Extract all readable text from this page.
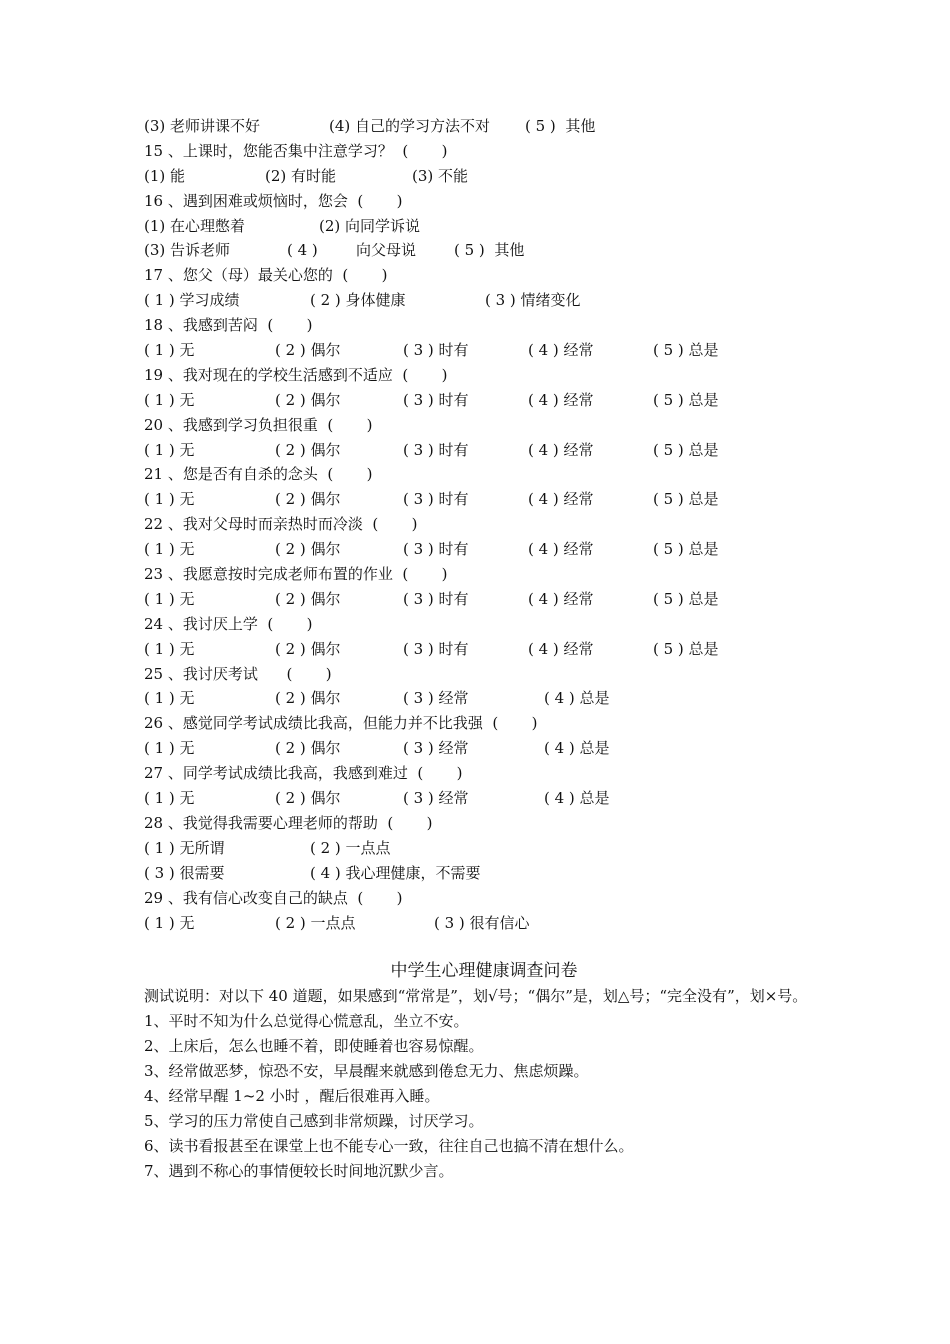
(3) 老师讲课不好

	(4) 自己的学习方法不对

( 5 )  其他

15 、上课时，您能否集中注意学习？  (       )

(1) 能

	(2) 有时能

	(3) 不能

16 、遇到困难或烦恼时，您会  (       )

(1) 在心理憋着

	(2) 向同学诉说

(3) 告诉老师

	( 4 )

	向父母说

	( 5 )  其他

17 、您父（母）最关心您的  (       )

( 1 ) 学习成绩

	( 2 ) 身体健康

	( 3 ) 情绪变化

18 、我感到苦闷  (       )

( 1 ) 无

	( 2 ) 偶尔

	( 3 ) 时有

	( 4 ) 经常

	( 5 ) 总是

19 、我对现在的学校生活感到不适应  (       )

( 1 ) 无

	( 2 ) 偶尔

	( 3 ) 时有

	( 4 ) 经常

	( 5 ) 总是

20 、我感到学习负担很重  (       )

( 1 ) 无

	( 2 ) 偶尔

	( 3 ) 时有

	( 4 ) 经常

	( 5 ) 总是

21 、您是否有自杀的念头  (       )

( 1 ) 无

	( 2 ) 偶尔

	( 3 ) 时有

	( 4 ) 经常

	( 5 ) 总是

22 、我对父母时而亲热时而冷淡  (       )

( 1 ) 无

	( 2 ) 偶尔

	( 3 ) 时有

	( 4 ) 经常

	( 5 ) 总是

23 、我愿意按时完成老师布置的作业  (       )

( 1 ) 无

	( 2 ) 偶尔

	( 3 ) 时有

	( 4 ) 经常

	( 5 ) 总是

24 、我讨厌上学  (       )

( 1 ) 无

	( 2 ) 偶尔

	( 3 ) 时有

	( 4 ) 经常

	( 5 ) 总是

25 、我讨厌考试      (       )

( 1 ) 无

	( 2 ) 偶尔

	( 3 ) 经常

	( 4 ) 总是

26 、感觉同学考试成绩比我高，但能力并不比我强  (       )

( 1 ) 无

	( 2 ) 偶尔

	( 3 ) 经常

	( 4 ) 总是

27 、同学考试成绩比我高，我感到难过  (       )

( 1 ) 无

	( 2 ) 偶尔

	( 3 ) 经常

	( 4 ) 总是

28 、我觉得我需要心理老师的帮助  (       )

( 1 ) 无所谓

	( 2 ) 一点点

( 3 ) 很需要

	( 4 ) 我心理健康，不需要

29 、我有信心改变自己的缺点  (       )

( 1 ) 无

	( 2 ) 一点点

	( 3 ) 很有信心

中学生心理健康调查问卷
测试说明：对以下 40 道题，如果感到“常常是”，划√号；“偶尔”是，划△号；“完全没有”，划×号。
1、平时不知为什么总觉得心慌意乱，坐立不安。
2、上床后，怎么也睡不着，即使睡着也容易惊醒。
3、经常做恶梦，惊恐不安，早晨醒来就感到倦怠无力、焦虑烦躁。
4、经常早醒 1~2 小时 ，醒后很难再入睡。
5、学习的压力常使自己感到非常烦躁，讨厌学习。
6、读书看报甚至在课堂上也不能专心一致，往往自己也搞不清在想什么。
7、遇到不称心的事情便较长时间地沉默少言。
